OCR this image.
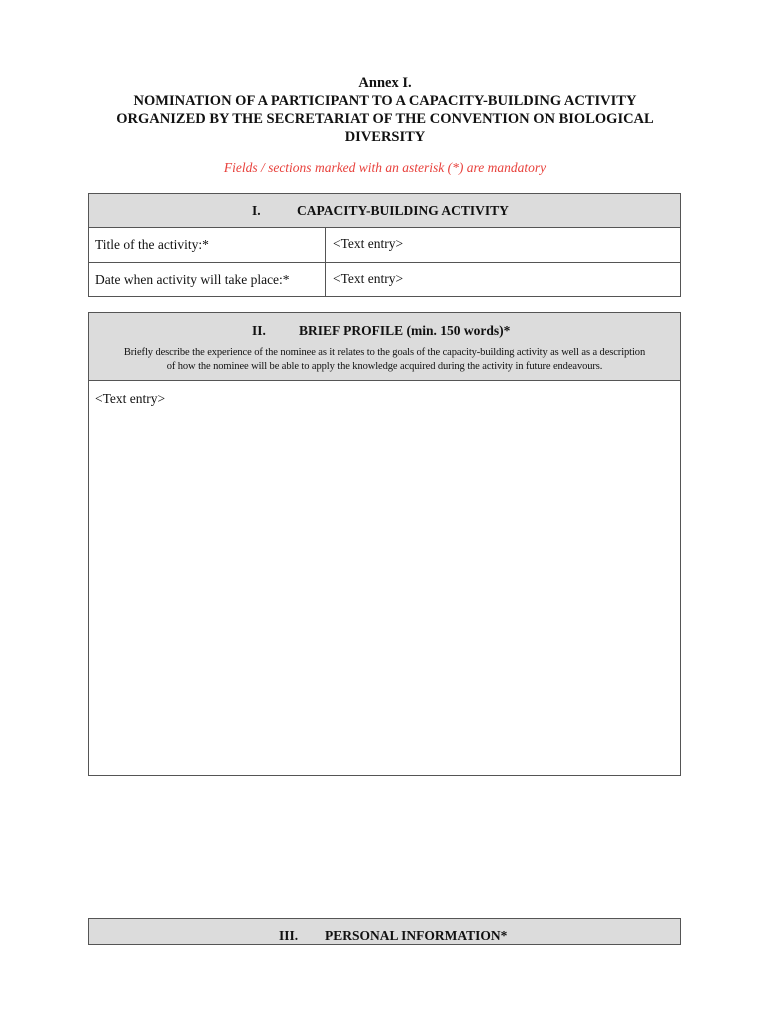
Annex I.
NOMINATION OF A PARTICIPANT TO A CAPACITY-BUILDING ACTIVITY
ORGANIZED BY THE SECRETARIAT OF THE CONVENTION ON BIOLOGICAL
DIVERSITY
Fields / sections marked with an asterisk (*) are mandatory
I.	CAPACITY-BUILDING ACTIVITY
Title of the activity:*	<Text entry>
Date when activity will take place:*	<Text entry>
II. BRIEF PROFILE (min. 150 words)*
Briefly describe the experience of the nominee as it relates to the goals of the capacity-building activity as well as a description
of how the nominee will be able to apply the knowledge acquired during the activity in future endeavours.
<Text entry>
III. PERSONAL INFORMATION*
